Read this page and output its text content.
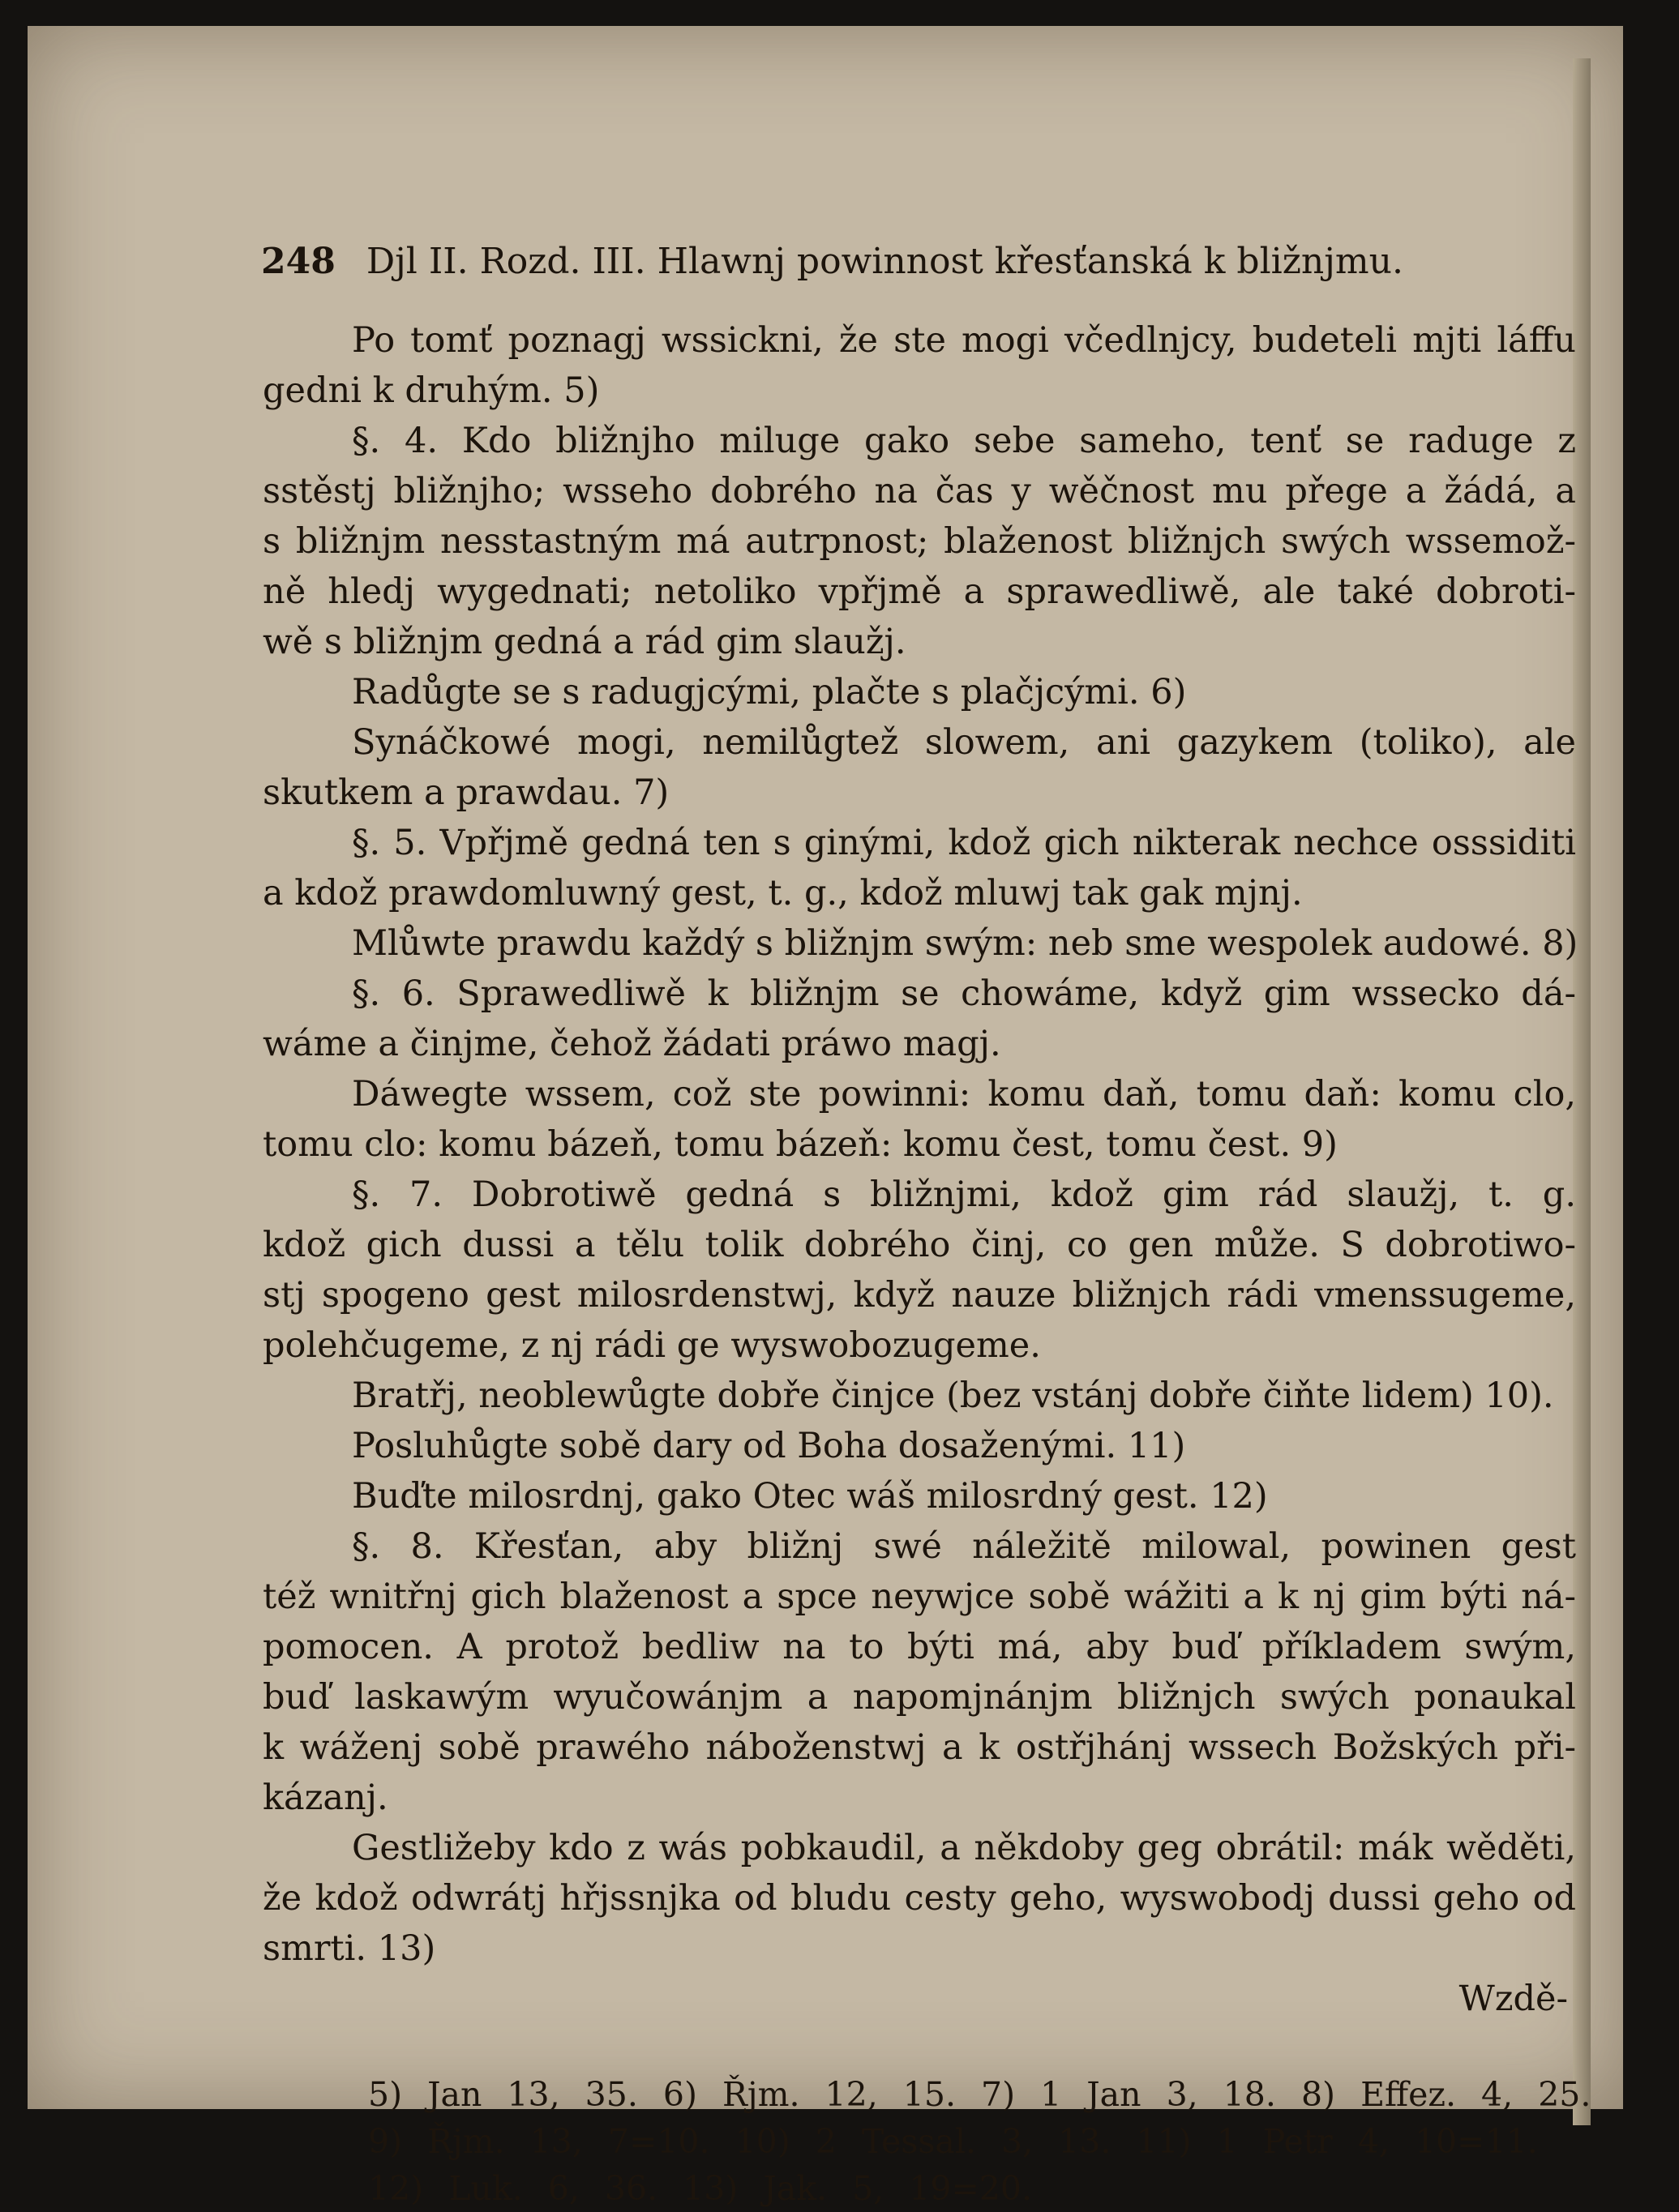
248 Djl II. Rozd. III. Hlawnj powinnost křesťanská k bližnjmu.
Po tomť poznagj wssickni, že ste mogi včedlnjcy, budeteli mjti láffu
gedni k druhým. 5)
§. 4. Kdo bližnjho miluge gako sebe sameho, tenť se raduge z
sstěstj bližnjho; wsseho dobrého na čas y wěčnost mu přege a žádá, a
s bližnjm nesstastným má autrpnost; blaženost bližnjch swých wssemož-
ně hledj wygednati; netoliko vpřjmě a sprawedliwě, ale také dobroti-
wě s bližnjm gedná a rád gim slaužj.
Radůgte se s radugjcými, plačte s plačjcými. 6)
Synáčkowé mogi, nemilůgtež slowem, ani gazykem (toliko), ale
skutkem a prawdau. 7)
§. 5. Vpřjmě gedná ten s ginými, kdož gich nikterak nechce osssiditi
a kdož prawdomluwný gest, t. g., kdož mluwj tak gak mjnj.
Mlůwte prawdu každý s bližnjm swým: neb sme wespolek audowé. 8)
§. 6. Sprawedliwě k bližnjm se chowáme, když gim wssecko dá-
wáme a činjme, čehož žádati práwo magj.
Dáwegte wssem, což ste powinni: komu daň, tomu daň: komu clo,
tomu clo: komu bázeň, tomu bázeň: komu čest, tomu čest. 9)
§. 7. Dobrotiwě gedná s bližnjmi, kdož gim rád slaužj, t. g.
kdož gich dussi a tělu tolik dobrého činj, co gen může. S dobrotiwo-
stj spogeno gest milosrdenstwj, když nauze bližnjch rádi vmenssugeme,
polehčugeme, z nj rádi ge wyswobozugeme.
Bratřj, neoblewůgte dobře činjce (bez vstánj dobře čiňte lidem) 10).
Posluhůgte sobě dary od Boha dosaženými. 11)
Buďte milosrdnj, gako Otec wáš milosrdný gest. 12)
§. 8. Křesťan, aby bližnj swé náležitě milowal, powinen gest
též wnitřnj gich blaženost a spce neywjce sobě wážiti a k nj gim býti ná-
pomocen. A protož bedliw na to býti má, aby buď příkladem swým,
buď laskawým wyučowánjm a napomjnánjm bližnjch swých ponaukal
k wáženj sobě prawého náboženstwj a k ostřjhánj wssech Božských při-
kázanj.
Gestližeby kdo z wás pobkaudil, a někdoby geg obrátil: mák wěděti,
že kdož odwrátj hřjssnjka od bludu cesty geho, wyswobodj dussi geho od
smrti. 13)
Wzdě-
5) Jan 13, 35. 6) Řjm. 12, 15. 7) 1 Jan 3, 18. 8) Effez. 4, 25.
9) Řjm. 13, 7=10. 10) 2 Tessal. 3, 13. 11) 1 Petr 4, 10=11.
12) Luk. 6, 36. 13) Jak. 5, 19=20.
